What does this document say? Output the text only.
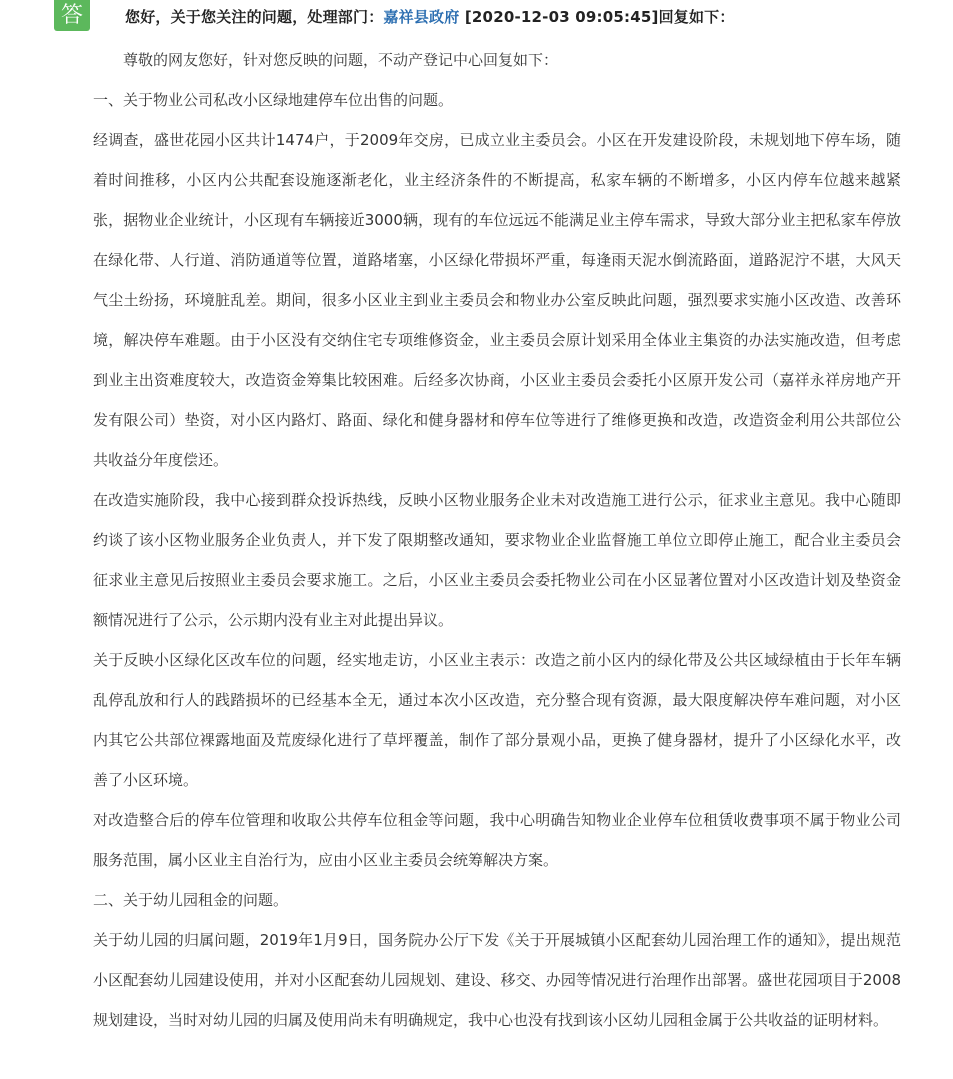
答	您好，关于您关注的问题，处理部门：嘉祥县政府 [2020-12-03 09:05:45]回复如下：

尊敬的网友您好，针对您反映的问题，不动产登记中心回复如下：

一、关于物业公司私改小区绿地建停车位出售的问题。

经调查，盛世花园小区共计1474户，于2009年交房，已成立业主委员会。小区在开发建设阶段，未规划地下停车场，随着时间推移，小区内公共配套设施逐渐老化，业主经济条件的不断提高，私家车辆的不断增多，小区内停车位越来越紧张，据物业企业统计，小区现有车辆接近3000辆，现有的车位远远不能满足业主停车需求，导致大部分业主把私家车停放在绿化带、人行道、消防通道等位置，道路堵塞，小区绿化带损坏严重，每逢雨天泥水倒流路面，道路泥泞不堪，大风天气尘土纷扬，环境脏乱差。期间，很多小区业主到业主委员会和物业办公室反映此问题，强烈要求实施小区改造、改善环境，解决停车难题。由于小区没有交纳住宅专项维修资金，业主委员会原计划采用全体业主集资的办法实施改造，但考虑到业主出资难度较大，改造资金筹集比较困难。后经多次协商，小区业主委员会委托小区原开发公司（嘉祥永祥房地产开发有限公司）垫资，对小区内路灯、路面、绿化和健身器材和停车位等进行了维修更换和改造，改造资金利用公共部位公共收益分年度偿还。

在改造实施阶段，我中心接到群众投诉热线，反映小区物业服务企业未对改造施工进行公示，征求业主意见。我中心随即约谈了该小区物业服务企业负责人，并下发了限期整改通知，要求物业企业监督施工单位立即停止施工，配合业主委员会征求业主意见后按照业主委员会要求施工。之后，小区业主委员会委托物业公司在小区显著位置对小区改造计划及垫资金额情况进行了公示，公示期内没有业主对此提出异议。

关于反映小区绿化区改车位的问题，经实地走访，小区业主表示：改造之前小区内的绿化带及公共区域绿植由于长年车辆乱停乱放和行人的践踏损坏的已经基本全无，通过本次小区改造，充分整合现有资源，最大限度解决停车难问题，对小区内其它公共部位裸露地面及荒废绿化进行了草坪覆盖，制作了部分景观小品，更换了健身器材，提升了小区绿化水平，改善了小区环境。

对改造整合后的停车位管理和收取公共停车位租金等问题，我中心明确告知物业企业停车位租赁收费事项不属于物业公司服务范围，属小区业主自治行为，应由小区业主委员会统筹解决方案。

二、关于幼儿园租金的问题。

关于幼儿园的归属问题，2019年1月9日，国务院办公厅下发《关于开展城镇小区配套幼儿园治理工作的通知》，提出规范小区配套幼儿园建设使用，并对小区配套幼儿园规划、建设、移交、办园等情况进行治理作出部署。盛世花园项目于2008规划建设，当时对幼儿园的归属及使用尚未有明确规定，我中心也没有找到该小区幼儿园租金属于公共收益的证明材料。
